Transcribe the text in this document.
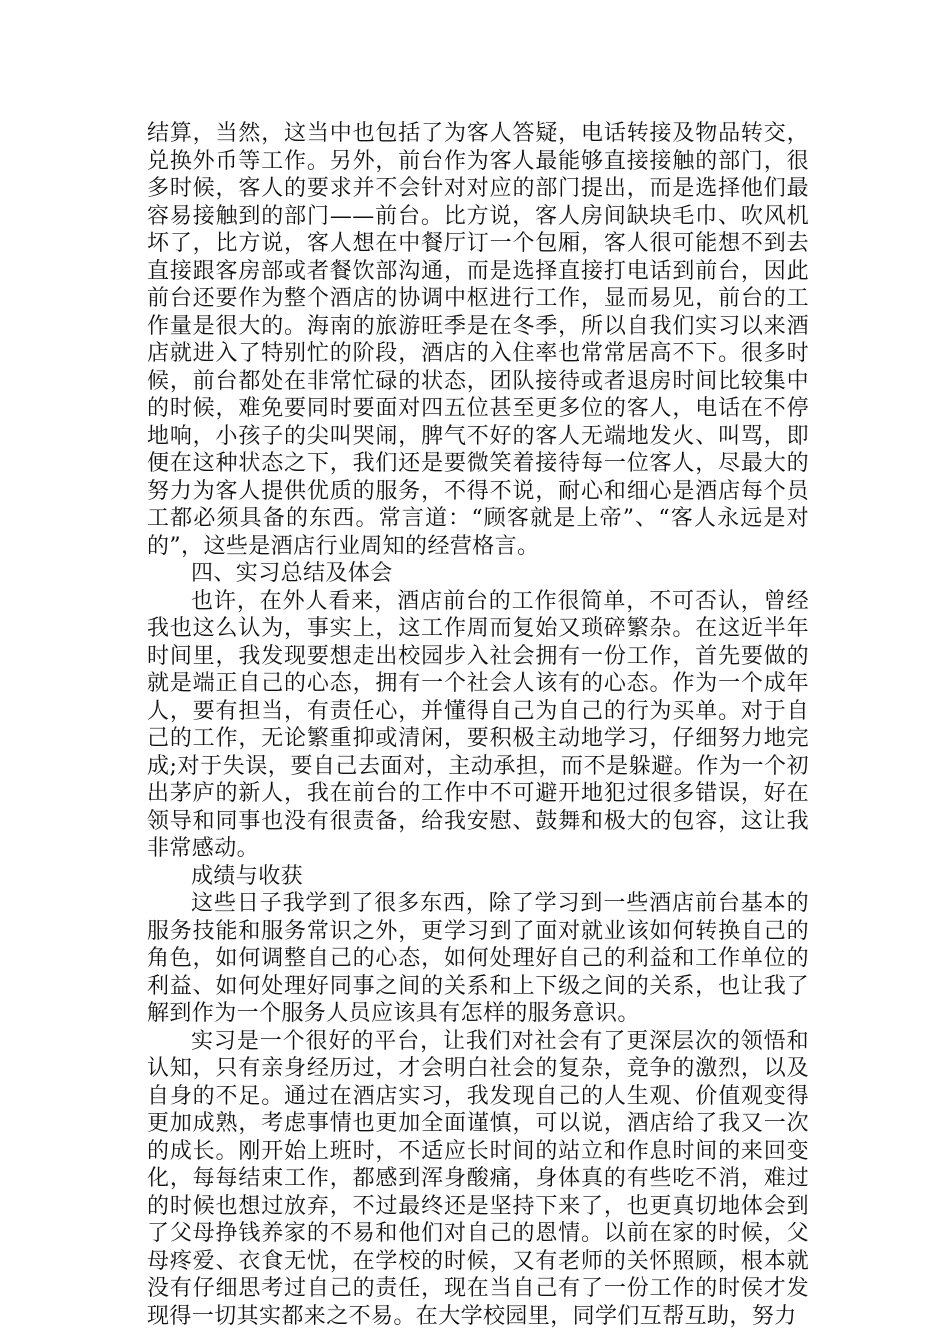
结算，当然，这当中也包括了为客人答疑，电话转接及物品转交，兑换外币等工作。另外，前台作为客人最能够直接接触的部门，很多时候，客人的要求并不会针对对应的部门提出，而是选择他们最容易接触到的部门——前台。比方说，客人房间缺块毛巾、吹风机坏了，比方说，客人想在中餐厅订一个包厢，客人很可能想不到去直接跟客房部或者餐饮部沟通，而是选择直接打电话到前台，因此前台还要作为整个酒店的协调中枢进行工作，显而易见，前台的工作量是很大的。海南的旅游旺季是在冬季，所以自我们实习以来酒店就进入了特别忙的阶段，酒店的入住率也常常居高不下。很多时候，前台都处在非常忙碌的状态，团队接待或者退房时间比较集中的时候，难免要同时要面对四五位甚至更多位的客人，电话在不停地响，小孩子的尖叫哭闹，脾气不好的客人无端地发火、叫骂，即便在这种状态之下，我们还是要微笑着接待每一位客人，尽最大的努力为客人提供优质的服务，不得不说，耐心和细心是酒店每个员工都必须具备的东西。常言道：“顾客就是上帝”、“客人永远是对的”，这些是酒店行业周知的经营格言。

四、实习总结及体会

也许，在外人看来，酒店前台的工作很简单，不可否认，曾经我也这么认为，事实上，这工作周而复始又琐碎繁杂。在这近半年时间里，我发现要想走出校园步入社会拥有一份工作，首先要做的就是端正自己的心态，拥有一个社会人该有的心态。作为一个成年人，要有担当，有责任心，并懂得自己为自己的行为买单。对于自己的工作，无论繁重抑或清闲，要积极主动地学习，仔细努力地完成;对于失误，要自己去面对，主动承担，而不是躲避。作为一个初出茅庐的新人，我在前台的工作中不可避开地犯过很多错误，好在领导和同事也没有很责备，给我安慰、鼓舞和极大的包容，这让我非常感动。

成绩与收获

这些日子我学到了很多东西，除了学习到一些酒店前台基本的服务技能和服务常识之外，更学习到了面对就业该如何转换自己的角色，如何调整自己的心态，如何处理好自己的利益和工作单位的利益、如何处理好同事之间的关系和上下级之间的关系，也让我了解到作为一个服务人员应该具有怎样的服务意识。

实习是一个很好的平台，让我们对社会有了更深层次的领悟和认知，只有亲身经历过，才会明白社会的复杂，竞争的激烈，以及自身的不足。通过在酒店实习，我发现自己的人生观、价值观变得更加成熟，考虑事情也更加全面谨慎，可以说，酒店给了我又一次的成长。刚开始上班时，不适应长时间的站立和作息时间的来回变化，每每结束工作，都感到浑身酸痛，身体真的有些吃不消，难过的时候也想过放弃，不过最终还是坚持下来了，也更真切地体会到了父母挣钱养家的不易和他们对自己的恩情。以前在家的时候，父母疼爱、衣食无忧，在学校的时候，又有老师的关怀照顾，根本就没有仔细思考过自己的责任，现在当自己有了一份工作的时侯才发现得一切其实都来之不易。在大学校园里，同学们互帮互助，努力
